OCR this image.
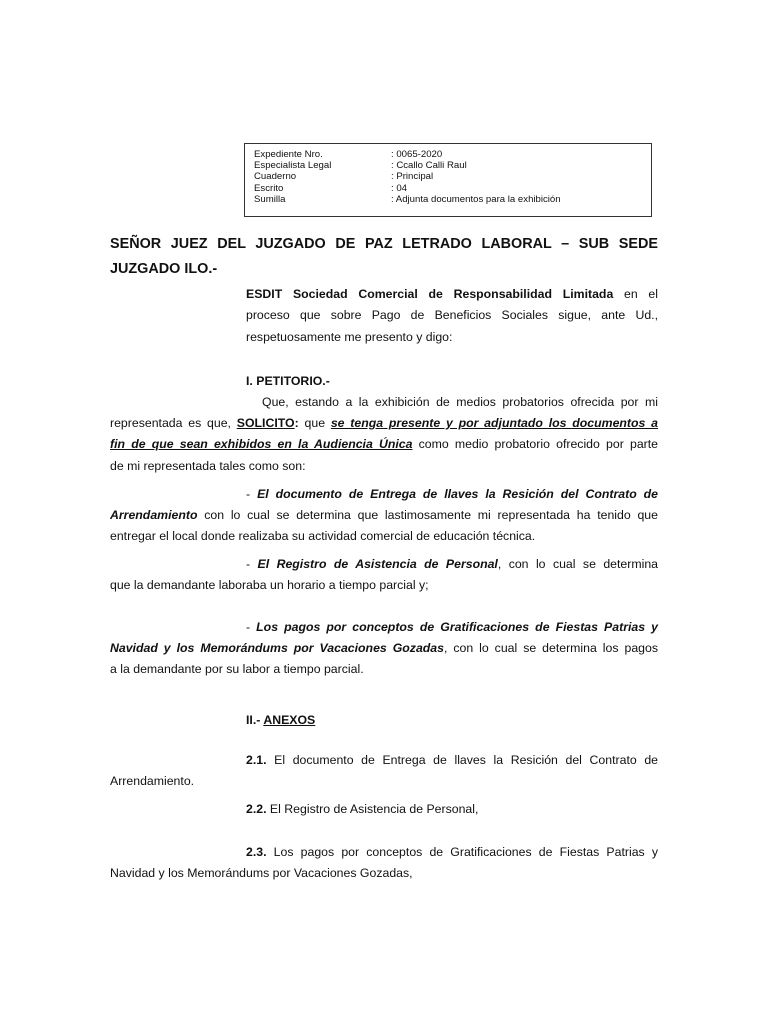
Expediente Nro.	: 0065-2020
Especialista Legal	: Ccallo Calli Raul
Cuaderno	: Principal
Escrito	: 04
Sumilla	: Adjunta documentos para la exhibición
SEÑOR JUEZ DEL JUZGADO DE PAZ LETRADO LABORAL – SUB SEDE
JUZGADO ILO.-
ESDIT Sociedad Comercial de Responsabilidad Limitada en el
proceso que sobre Pago de Beneficios Sociales sigue, ante Ud.,
respetuosamente me presento y digo:
I. PETITORIO.-
Que, estando a la exhibición de medios probatorios ofrecida por mi
representada es que, SOLICITO: que se tenga presente y por adjuntado los documentos a
fin de que sean exhibidos en la Audiencia Única como medio probatorio ofrecido por parte
de mi representada tales como son:
- El documento de Entrega de llaves la Resición del Contrato de
Arrendamiento con lo cual se determina que lastimosamente mi representada ha tenido que
entregar el local donde realizaba su actividad comercial de educación técnica.
- El Registro de Asistencia de Personal, con lo cual se determina
que la demandante laboraba un horario a tiempo parcial y;
- Los pagos por conceptos de Gratificaciones de Fiestas Patrias y
Navidad y los Memorándums por Vacaciones Gozadas, con lo cual se determina los pagos
a la demandante por su labor a tiempo parcial.
II.- ANEXOS
2.1. El documento de Entrega de llaves la Resición del Contrato de
Arrendamiento.
2.2. El Registro de Asistencia de Personal,
2.3. Los pagos por conceptos de Gratificaciones de Fiestas Patrias y
Navidad y los Memorándums por Vacaciones Gozadas,
